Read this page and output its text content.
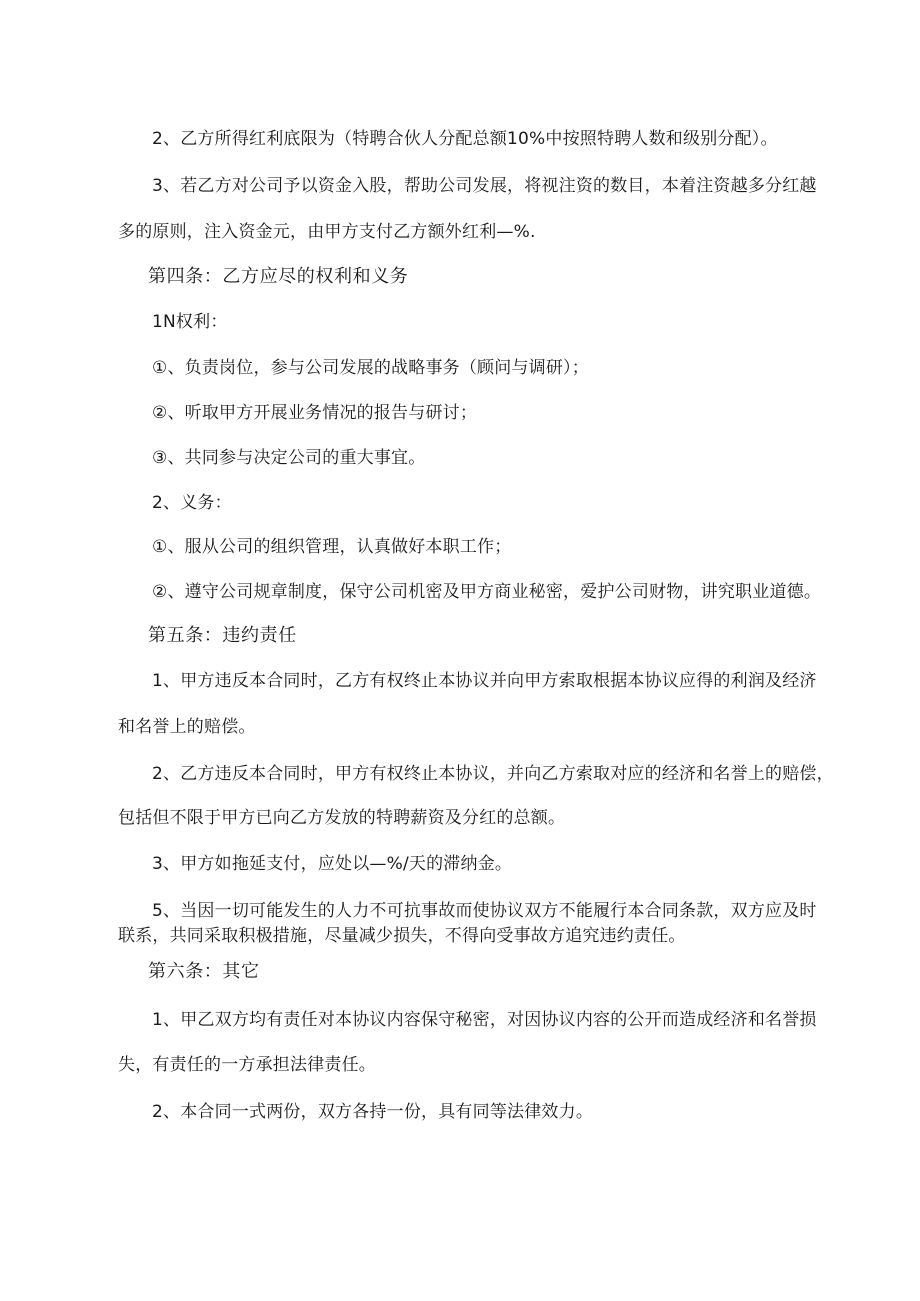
2、乙方所得红利底限为（特聘合伙人分配总额10%中按照特聘人数和级别分配）。
3、若乙方对公司予以资金入股，帮助公司发展，将视注资的数目，本着注资越多分红越
多的原则，注入资金元，由甲方支付乙方额外红利—%.
第四条：乙方应尽的权利和义务
1N权利：
①、负责岗位，参与公司发展的战略事务（顾问与调研）；
②、听取甲方开展业务情况的报告与研讨；
③、共同参与决定公司的重大事宜。
2、义务：
①、服从公司的组织管理，认真做好本职工作；
②、遵守公司规章制度，保守公司机密及甲方商业秘密，爱护公司财物，讲究职业道德。
第五条：违约责任
1、甲方违反本合同时，乙方有权终止本协议并向甲方索取根据本协议应得的利润及经济
和名誉上的赔偿。
2、乙方违反本合同时，甲方有权终止本协议，并向乙方索取对应的经济和名誉上的赔偿，
包括但不限于甲方已向乙方发放的特聘薪资及分红的总额。
3、甲方如拖延支付，应处以—%/天的滞纳金。
5、当因一切可能发生的人力不可抗事故而使协议双方不能履行本合同条款，双方应及时
联系，共同采取积极措施，尽量减少损失，不得向受事故方追究违约责任。
第六条：其它
1、甲乙双方均有责任对本协议内容保守秘密，对因协议内容的公开而造成经济和名誉损
失，有责任的一方承担法律责任。
2、本合同一式两份，双方各持一份，具有同等法律效力。
